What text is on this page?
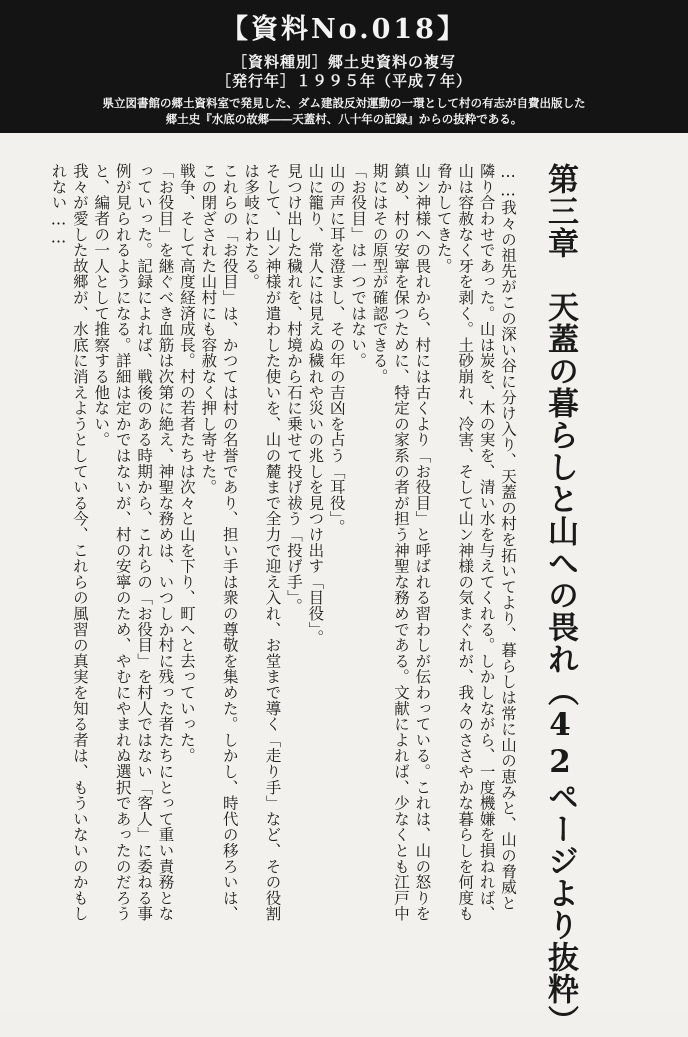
【資料No.018】
［資料種別］郷土史資料の複写
［発行年］１９９５年（平成７年）
県立図書館の郷土資料室で発見した、ダム建設反対運動の一環として村の有志が自費出版した
郷土史『水底の故郷――天蓋村、八十年の記録』からの抜粋である。
第三章　天蓋の暮らしと山への畏れ（42ページより抜粋）

……我々の祖先がこの深い谷に分け入り、天蓋の村を拓いてより、暮らしは常に山の恵みと、山の脅威と隣り合わせであった。山は炭を、木の実を、清い水を与えてくれる。しかしながら、一度機嫌を損ねれば、山は容赦なく牙を剥く。土砂崩れ、冷害、そして山ン神様の気まぐれが、我々のささやかな暮らしを何度も脅かしてきた。

山ン神様への畏れから、村には古くより「お役目」と呼ばれる習わしが伝わっている。これは、山の怒りを鎮め、村の安寧を保つために、特定の家系の者が担う神聖な務めである。文献によれば、少なくとも江戸中期にはその原型が確認できる。

「お役目」は一つではない。

山の声に耳を澄まし、その年の吉凶を占う「耳役」。

山に籠り、常人には見えぬ穢れや災いの兆しを見つけ出す「目役」。

見つけ出した穢れを、村境から石に乗せて投げ祓う「投げ手」。

そして、山ン神様が遣わした使いを、山の麓まで全力で迎え入れ、お堂まで導く「走り手」など、その役割は多岐にわたる。

これらの「お役目」は、かつては村の名誉であり、担い手は衆の尊敬を集めた。しかし、時代の移ろいは、この閉ざされた山村にも容赦なく押し寄せた。

戦争、そして高度経済成長。村の若者たちは次々と山を下り、町へと去っていった。

「お役目」を継ぐべき血筋は次第に絶え、神聖な務めは、いつしか村に残った者たちにとって重い責務となっていった。記録によれば、戦後のある時期から、これらの「お役目」を村人ではない「客人」に委ねる事例が見られるようになる。詳細は定かではないが、村の安寧のため、やむにやまれぬ選択であったのだろうと、編者の一人として推察する他ない。

我々が愛した故郷が、水底に消えようとしている今、これらの風習の真実を知る者は、もういないのかもしれない……
